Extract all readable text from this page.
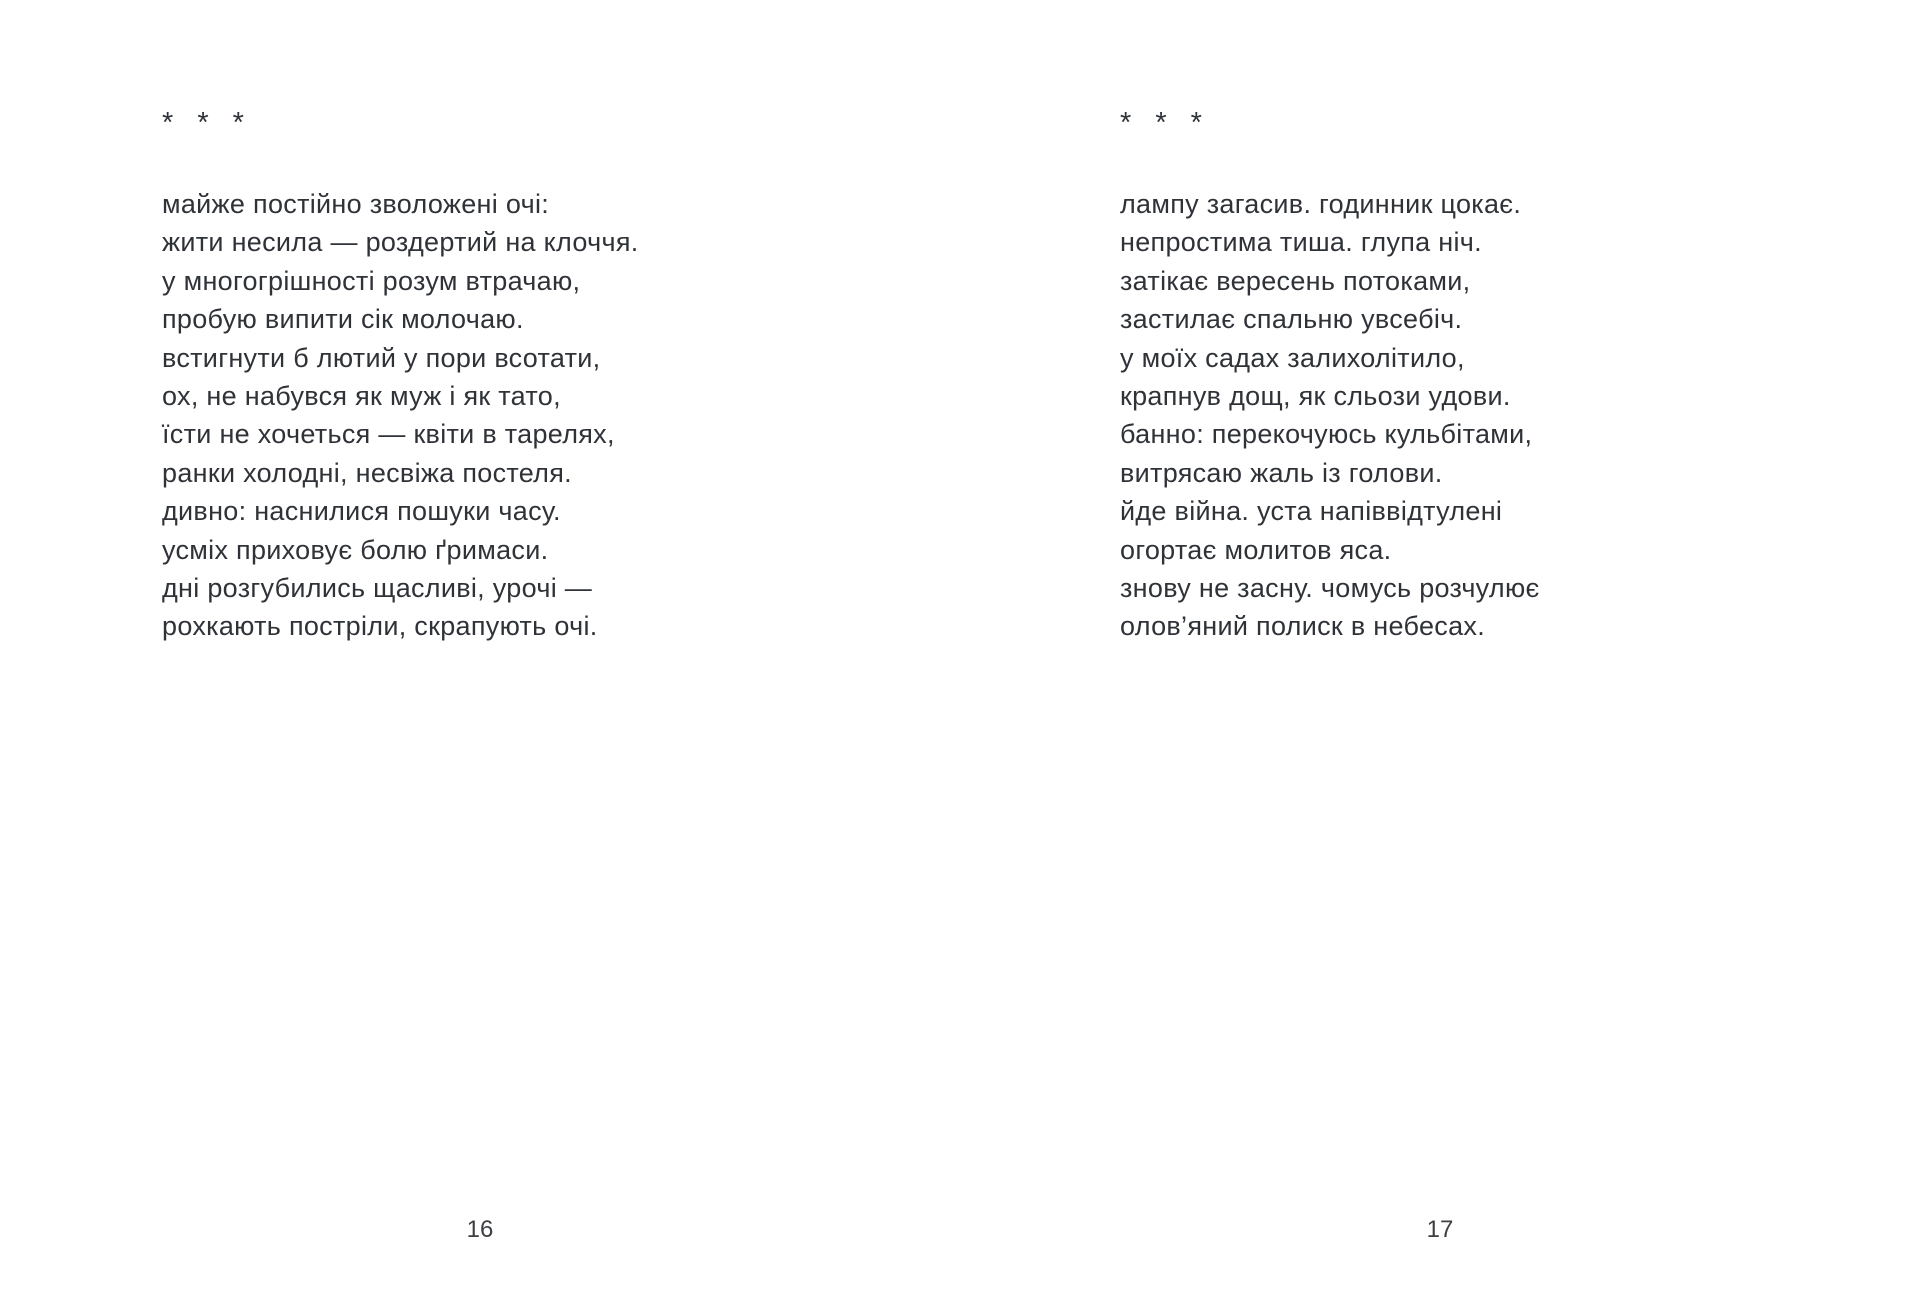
* * *
майже постійно зволожені очі:
жити несила — роздертий на клоччя.
у многогрішності розум втрачаю,
пробую випити сік молочаю.
встигнути б лютий у пори всотати,
ох, не набувся як муж і як тато,
їсти не хочеться — квіти в тарелях,
ранки холодні, несвіжа постеля.
дивно: наснилися пошуки часу.
усміх приховує болю ґримаси.
дні розгубились щасливі, урочі —
рохкають постріли, скрапують очі.
16
* * *
лампу загасив. годинник цокає.
непростима тиша. глупа ніч.
затікає вересень потоками,
застилає спальню увсебіч.
у моїх садах залихолітило,
крапнув дощ, як сльози удови.
банно: перекочуюсь кульбітами,
витрясаю жаль із голови.
йде війна. уста напіввідтулені
огортає молитов яса.
знову не засну. чомусь розчулює
олов’яний полиск в небесах.
17
